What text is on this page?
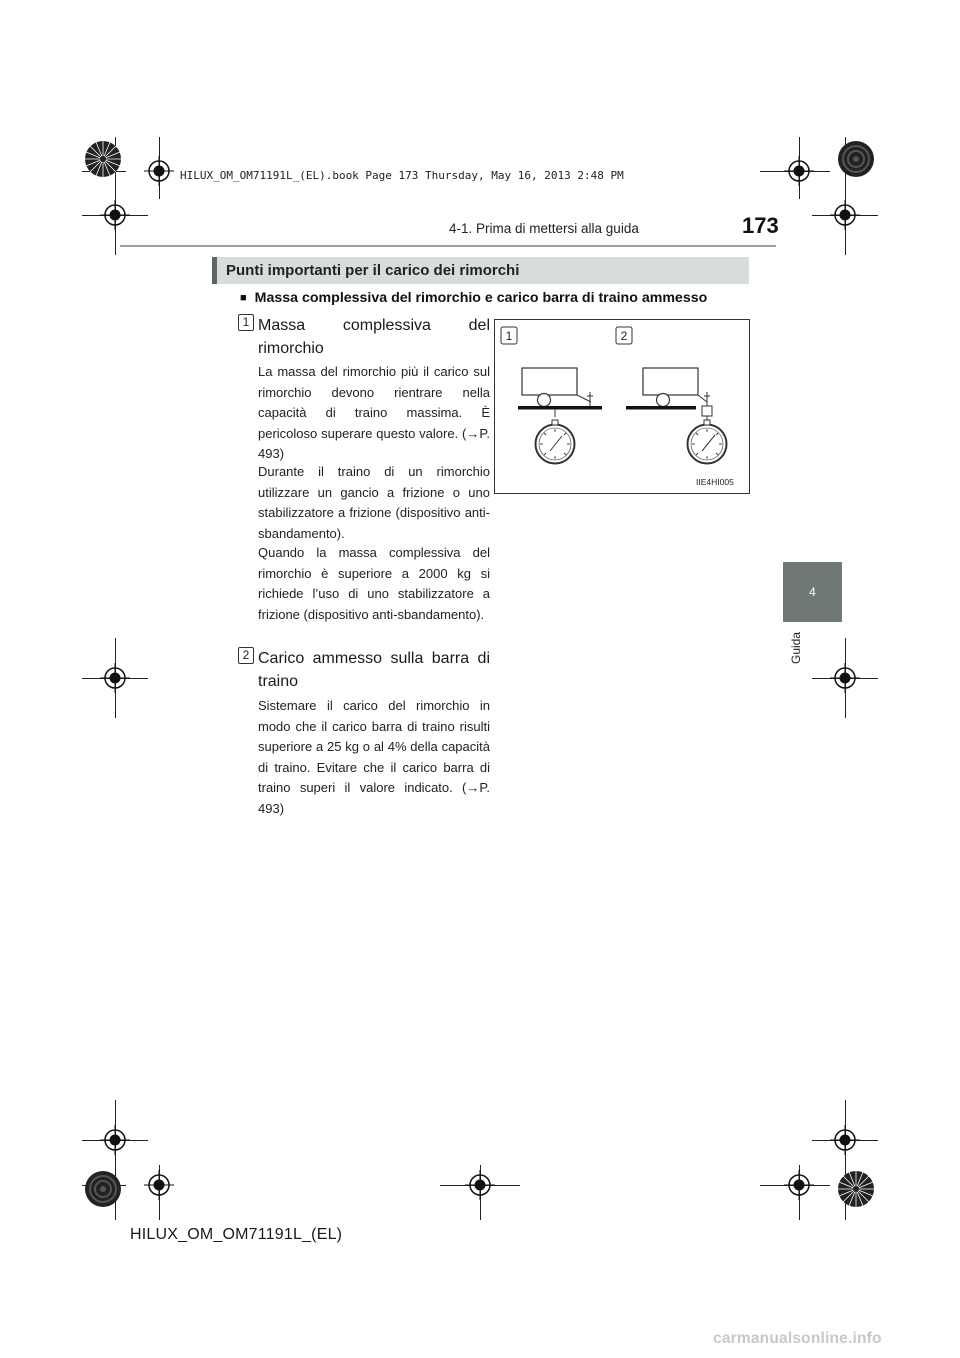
HILUX_OM_OM71191L_(EL).book Page 173 Thursday, May 16, 2013 2:48 PM
4-1. Prima di mettersi alla guida	173
4
Guida
Punti importanti per il carico dei rimorchi
■ Massa complessiva del rimorchio e carico barra di traino ammesso
1 Massa complessiva del rimorchio
La massa del rimorchio più il carico sul rimorchio devono rientrare nella capacità di traino massima. È pericoloso superare questo valore. (→P. 493)
Durante il traino di un rimorchio utilizzare un gancio a frizione o uno stabilizzatore a frizione (dispositivo anti-sbandamento).
Quando la massa complessiva del rimorchio è superiore a 2000 kg si richiede l’uso di uno stabilizzatore a frizione (dispositivo anti-sbandamento).
2 Carico ammesso sulla barra di traino
Sistemare il carico del rimorchio in modo che il carico barra di traino risulti superiore a 25 kg o al 4% della capacità di traino. Evitare che il carico barra di traino superi il valore indicato. (→P. 493)
1	2
IIE4HI005
HILUX_OM_OM71191L_(EL)
carmanualsonline.info
